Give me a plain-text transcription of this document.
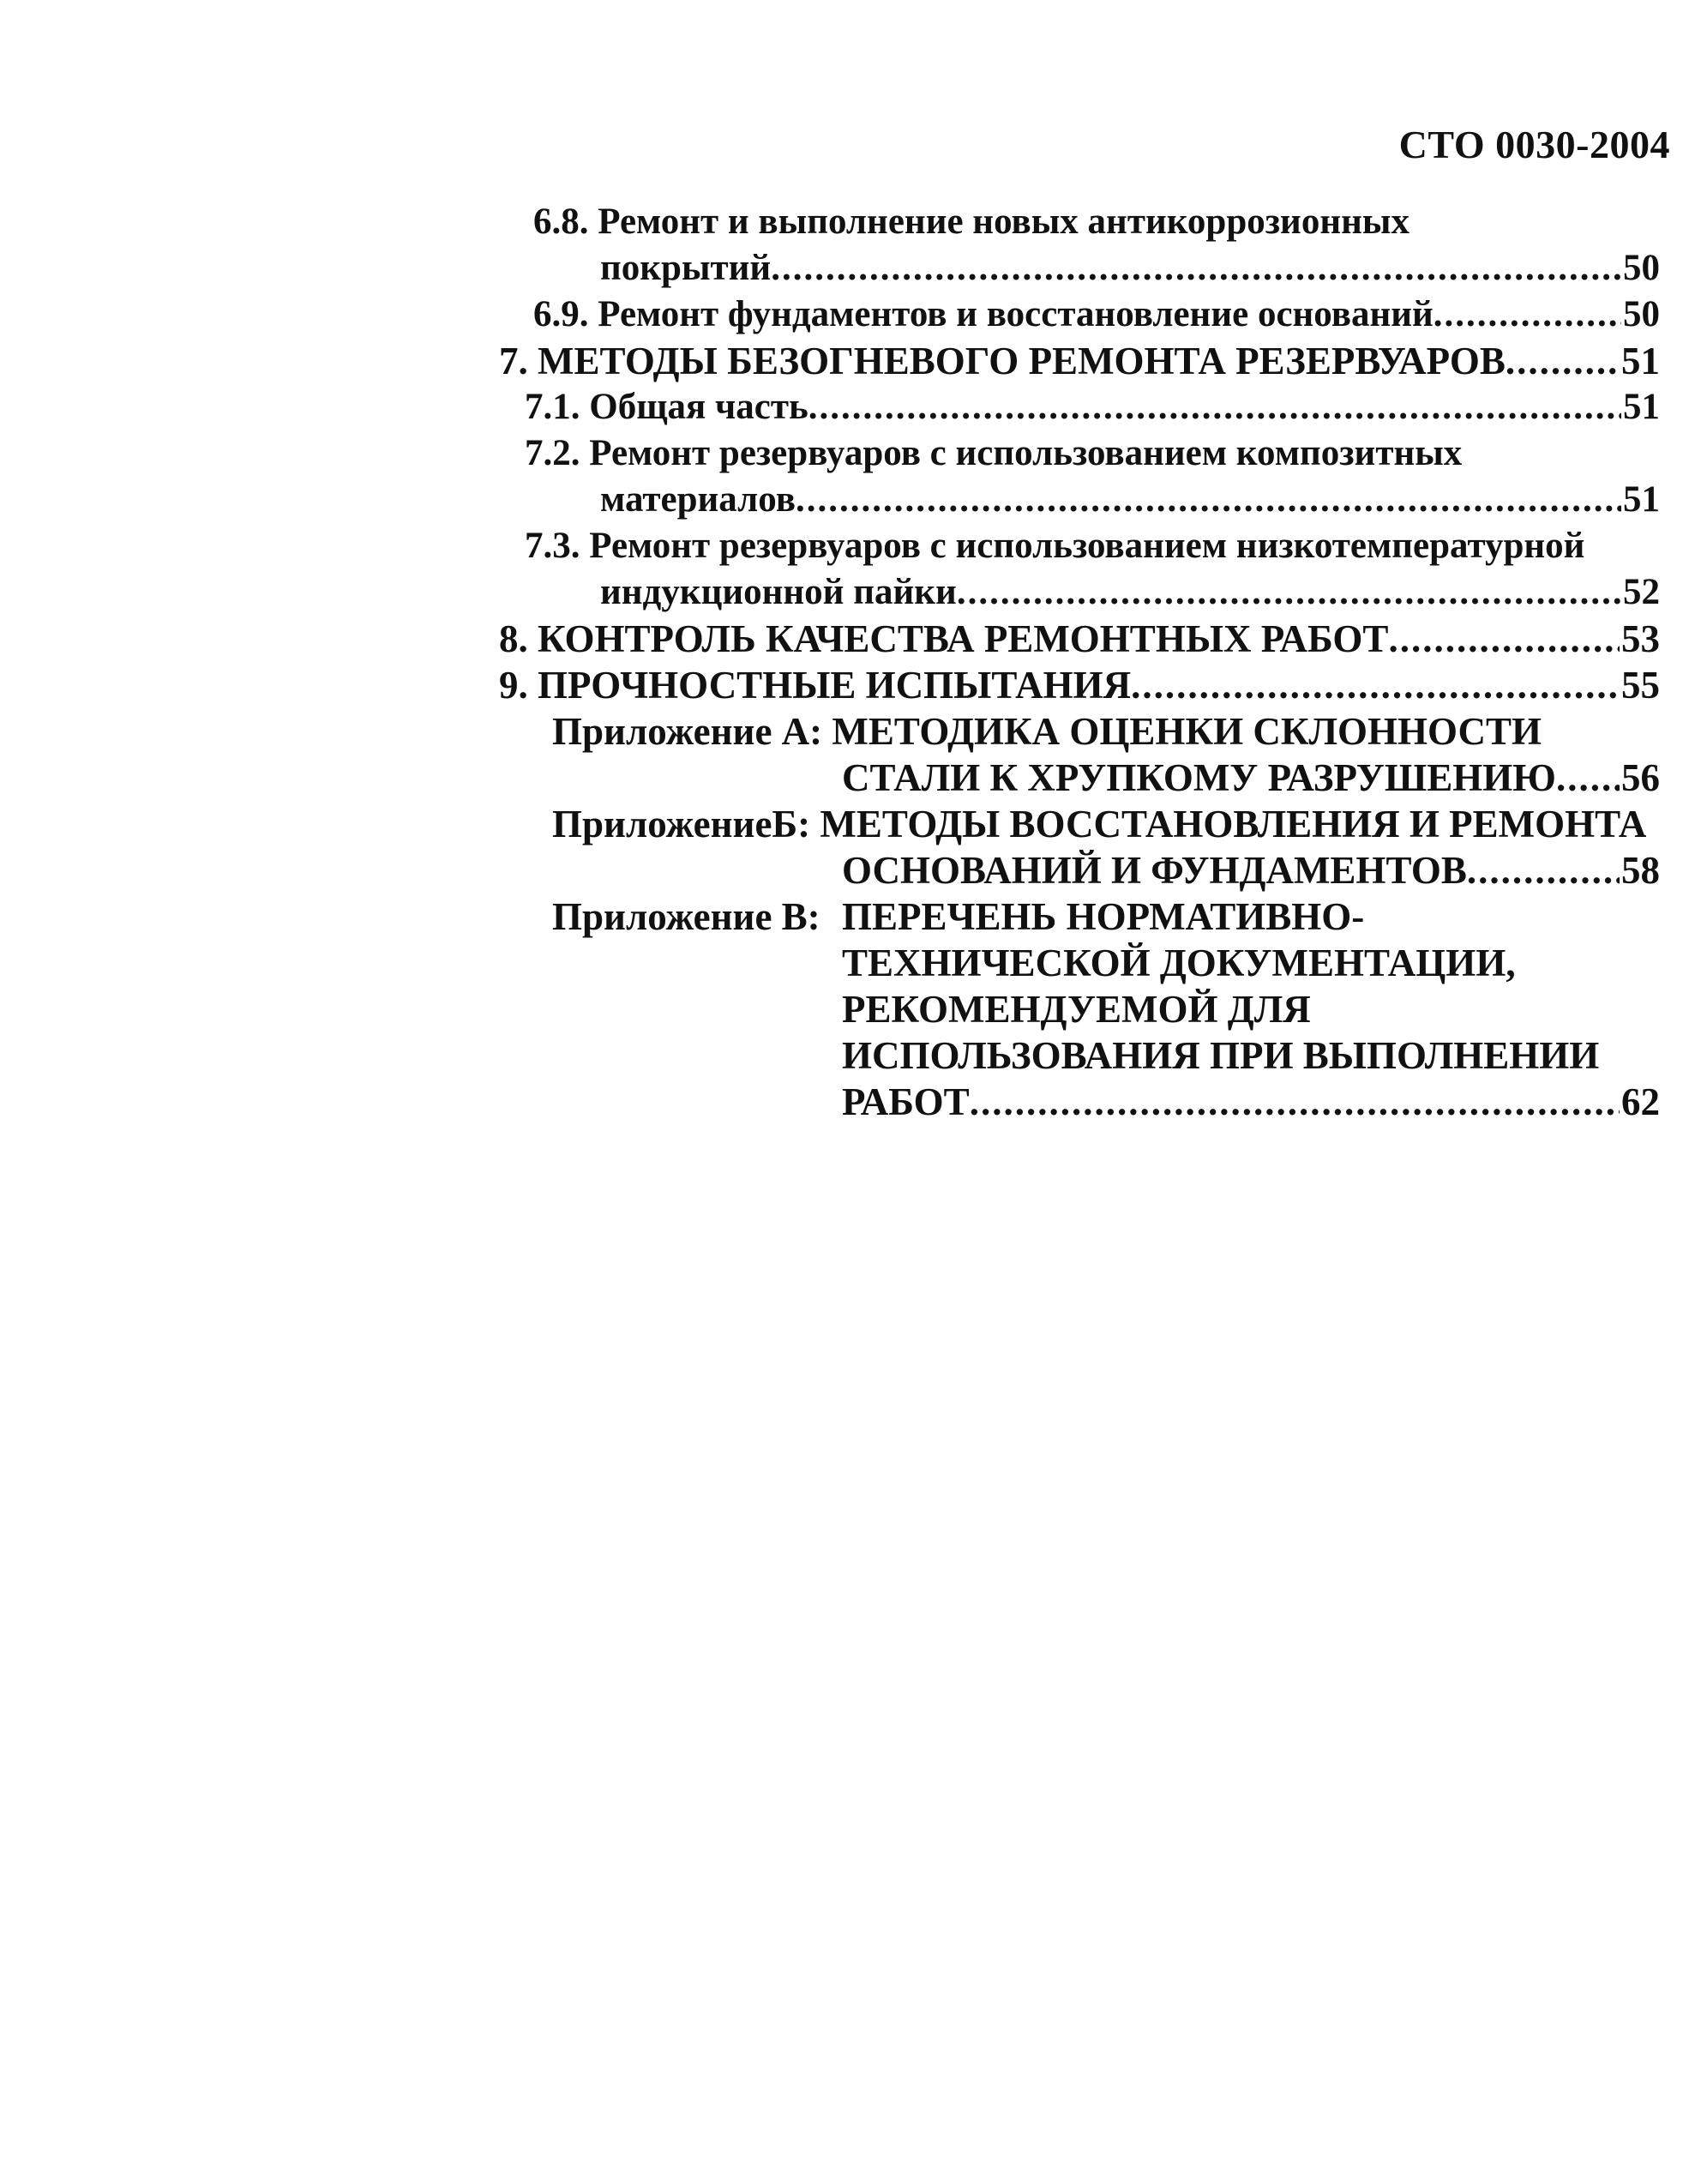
СТО 0030-2004
6.8. Ремонт и выполнение новых антикоррозионных
покрытий .....	50
6.9. Ремонт фундаментов и восстановление оснований .....	50
7. МЕТОДЫ БЕЗОГНЕВОГО РЕМОНТА РЕЗЕРВУАРОВ .....	51
7.1. Общая часть .....	51
7.2. Ремонт резервуаров с использованием композитных
материалов .....	51
7.3. Ремонт резервуаров с использованием низкотемпературной
индукционной пайки .....	52
8. КОНТРОЛЬ КАЧЕСТВА РЕМОНТНЫХ РАБОТ .....	53
9. ПРОЧНОСТНЫЕ ИСПЫТАНИЯ .....	55
Приложение А: МЕТОДИКА ОЦЕНКИ СКЛОННОСТИ
СТАЛИ К ХРУПКОМУ РАЗРУШЕНИЮ ..... 56
ПриложениеБ: МЕТОДЫ ВОССТАНОВЛЕНИЯ И РЕМОНТА
ОСНОВАНИЙ И ФУНДАМЕНТОВ .....	58
Приложение В: ПЕРЕЧЕНЬ НОРМАТИВНО-
ТЕХНИЧЕСКОЙ ДОКУМЕНТАЦИИ,
РЕКОМЕНДУЕМОЙ ДЛЯ
ИСПОЛЬЗОВАНИЯ ПРИ ВЫПОЛНЕНИИ
РАБОТ .....	62
